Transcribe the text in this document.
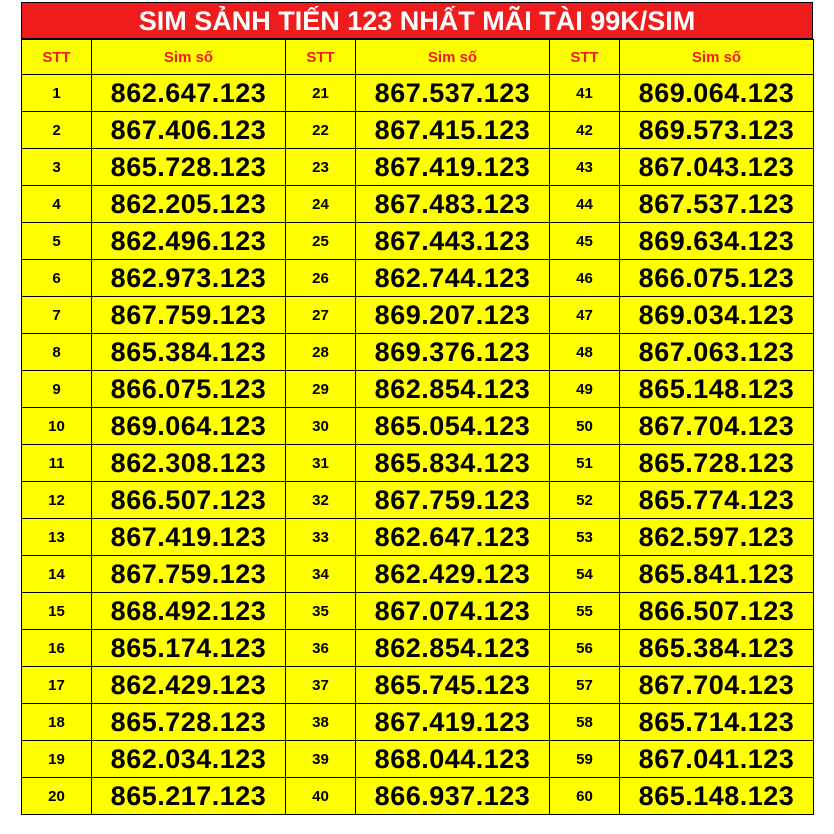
SIM SẢNH TIẾN 123 NHẤT MÃI TÀI 99K/SIM
STT	Sim số	STT	Sim số	STT	Sim số
1	862.647.123	21	867.537.123	41	869.064.123
2	867.406.123	22	867.415.123	42	869.573.123
3	865.728.123	23	867.419.123	43	867.043.123
4	862.205.123	24	867.483.123	44	867.537.123
5	862.496.123	25	867.443.123	45	869.634.123
6	862.973.123	26	862.744.123	46	866.075.123
7	867.759.123	27	869.207.123	47	869.034.123
8	865.384.123	28	869.376.123	48	867.063.123
9	866.075.123	29	862.854.123	49	865.148.123
10	869.064.123	30	865.054.123	50	867.704.123
11	862.308.123	31	865.834.123	51	865.728.123
12	866.507.123	32	867.759.123	52	865.774.123
13	867.419.123	33	862.647.123	53	862.597.123
14	867.759.123	34	862.429.123	54	865.841.123
15	868.492.123	35	867.074.123	55	866.507.123
16	865.174.123	36	862.854.123	56	865.384.123
17	862.429.123	37	865.745.123	57	867.704.123
18	865.728.123	38	867.419.123	58	865.714.123
19	862.034.123	39	868.044.123	59	867.041.123
20	865.217.123	40	866.937.123	60	865.148.123
